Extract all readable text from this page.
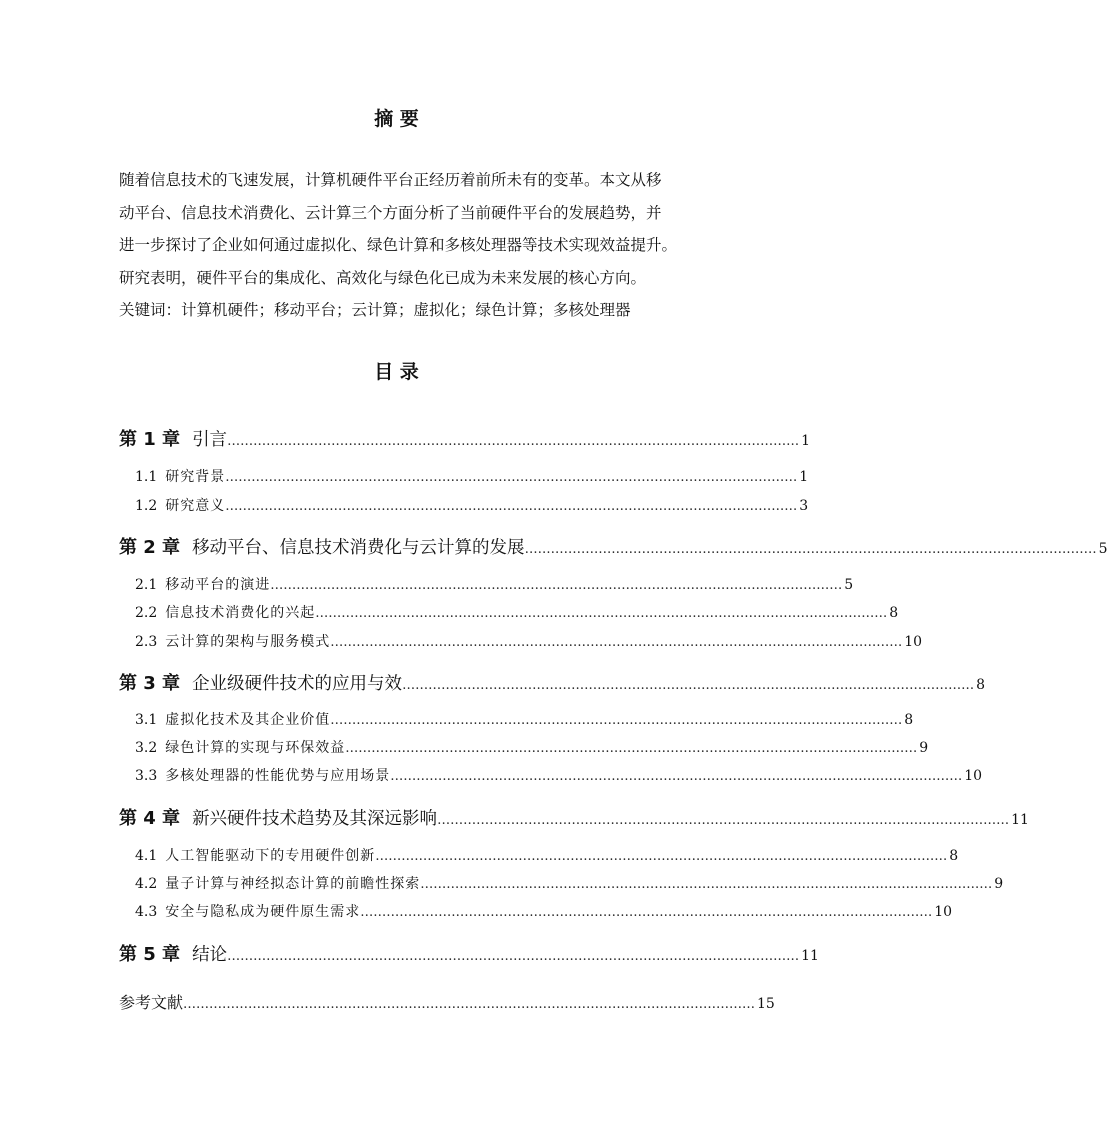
摘 要

随着信息技术的飞速发展，计算机硬件平台正经历着前所未有的变革。本文从移

动平台、信息技术消费化、云计算三个方面分析了当前硬件平台的发展趋势，并

进一步探讨了企业如何通过虚拟化、绿色计算和多核处理器等技术实现效益提升。

研究表明，硬件平台的集成化、高效化与绿色化已成为未来发展的核心方向。

关键词：计算机硬件；移动平台；云计算；虚拟化；绿色计算；多核处理器

目 录
第 1 章 引言 …………………………………………………………………………………………………………………… 1
1.1 研究背景 …………………………………………………………………………………………………………………… 1
1.2 研究意义 …………………………………………………………………………………………………………………… 3
第 2 章 移动平台、信息技术消费化与云计算的发展 …………………………………………………………………………………………………………………… 5
2.1 移动平台的演进 …………………………………………………………………………………………………………………… 5
2.2 信息技术消费化的兴起 …………………………………………………………………………………………………………………… 8
2.3 云计算的架构与服务模式 …………………………………………………………………………………………………………………… 10
第 3 章 企业级硬件技术的应用与效 …………………………………………………………………………………………………………………… 8
3.1 虚拟化技术及其企业价值 …………………………………………………………………………………………………………………… 8
3.2 绿色计算的实现与环保效益 …………………………………………………………………………………………………………………… 9
3.3 多核处理器的性能优势与应用场景 …………………………………………………………………………………………………………………… 10
第 4 章 新兴硬件技术趋势及其深远影响 …………………………………………………………………………………………………………………… 11
4.1 人工智能驱动下的专用硬件创新 …………………………………………………………………………………………………………………… 8
4.2 量子计算与神经拟态计算的前瞻性探索 …………………………………………………………………………………………………………………… 9
4.3 安全与隐私成为硬件原生需求 …………………………………………………………………………………………………………………… 10
第 5 章 结论 …………………………………………………………………………………………………………………… 11
参考文献 …………………………………………………………………………………………………………………… 15
